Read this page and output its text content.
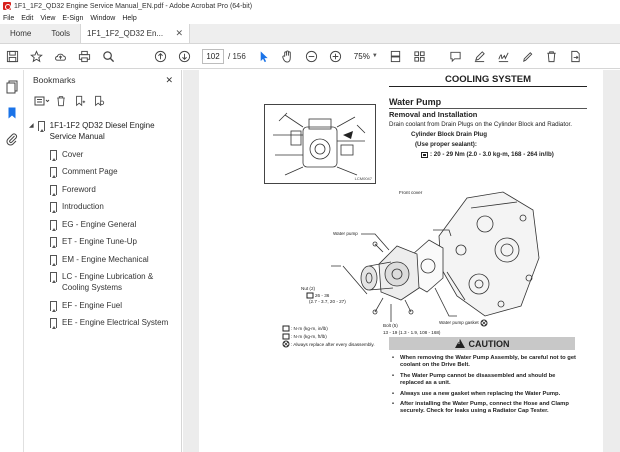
1F1_1F2_QD32 Engine Service Manual_EN.pdf - Adobe Acrobat Pro (64-bit)
File Edit View E-Sign Window Help
Home	Tools	1F1_1F2_QD32 En... ✕
102	/ 156	75% ▼
Bookmarks	✕
◢ 1F1-1F2 QD32 Diesel Engine Service Manual
Cover
Comment Page
Foreword
Introduction
EG - Engine General
ET - Engine Tune-Up
EM - Engine Mechanical
LC - Engine Lubrication & Cooling Systems
EF - Engine Fuel
EE - Engine Electrical System
COOLING SYSTEM
LCM0047
Water Pump
Removal and Installation
Drain coolant from Drain Plugs on the Cylinder Block and Radiator.
Cylinder Block Drain Plug
(Use proper sealant):
: 20 - 29 Nm (2.0 - 3.0 kg-m, 168 - 264 in/lb)
Front cover
Water pump
Nut (2)
26 - 36
(2.7 - 3.7, 20 - 27)
Water pump gasket
Bolt (5)
13 - 19 (1.3 - 1.9, 108 - 168)
: N·m (kg-m, in/lb)
: N·m (kg-m, ft/lb)
: Always replace after every disassembly.
!	CAUTION
• When removing the Water Pump Assembly, be careful not to get coolant on the Drive Belt.
• The Water Pump cannot be disassembled and should be replaced as a unit.
• Always use a new gasket when replacing the Water Pump.
• After installing the Water Pump, connect the Hose and Clamp securely. Check for leaks using a Radiator Cap Tester.
